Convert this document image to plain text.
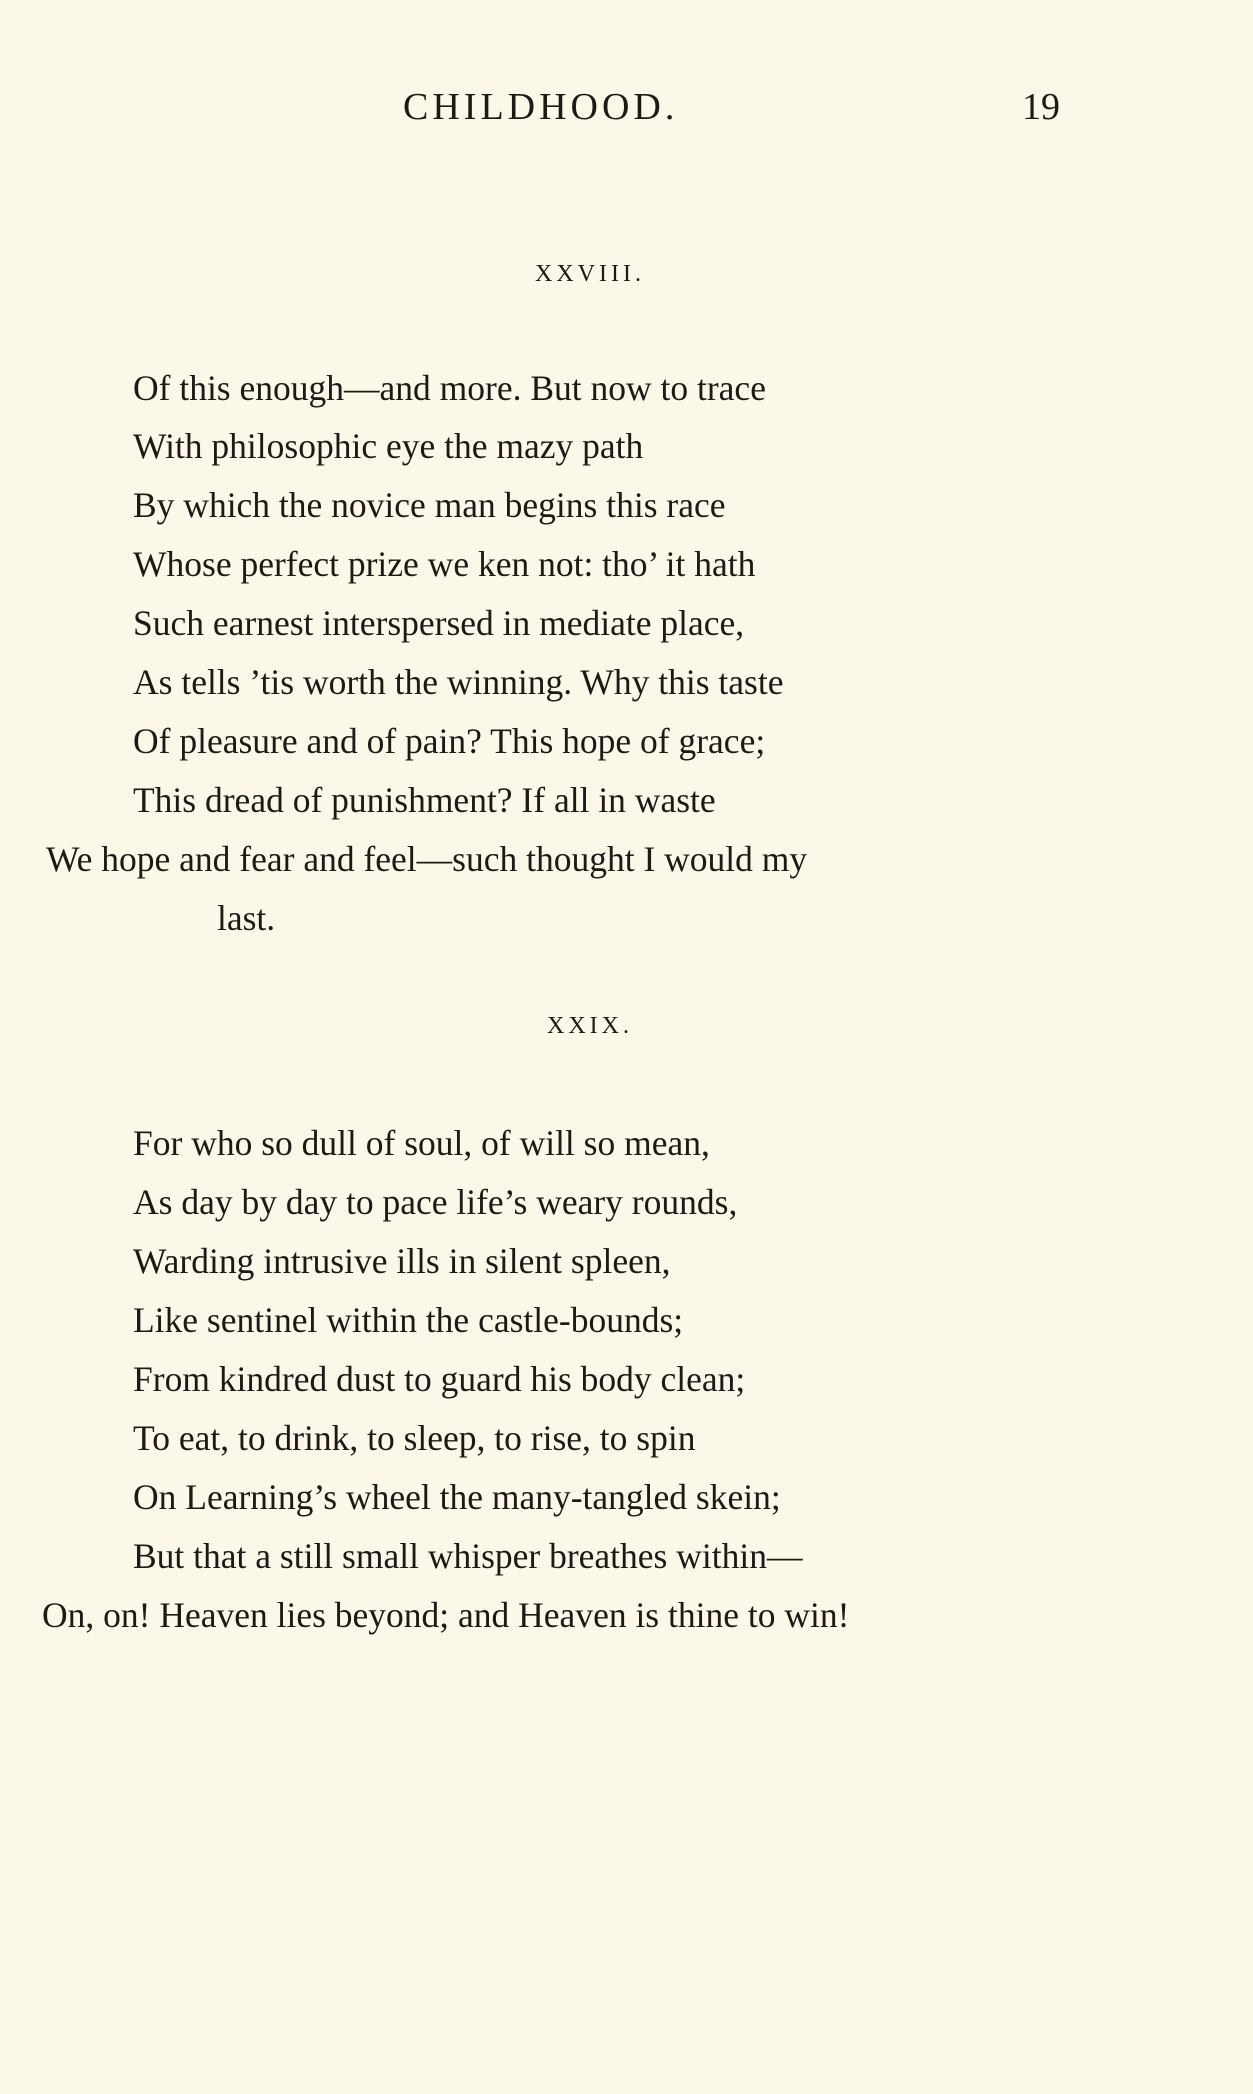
CHILDHOOD.	19
XXVIII.
Of this enough—and more. But now to trace
With philosophic eye the mazy path
By which the novice man begins this race
Whose perfect prize we ken not: tho’ it hath
Such earnest interspersed in mediate place,
As tells ’tis worth the winning. Why this taste
Of pleasure and of pain? This hope of grace;
This dread of punishment? If all in waste
We hope and fear and feel—such thought I would my
last.
XXIX.
For who so dull of soul, of will so mean,
As day by day to pace life’s weary rounds,
Warding intrusive ills in silent spleen,
Like sentinel within the castle-bounds;
From kindred dust to guard his body clean;
To eat, to drink, to sleep, to rise, to spin
On Learning’s wheel the many-tangled skein;
But that a still small whisper breathes within—
On, on! Heaven lies beyond; and Heaven is thine to win!
